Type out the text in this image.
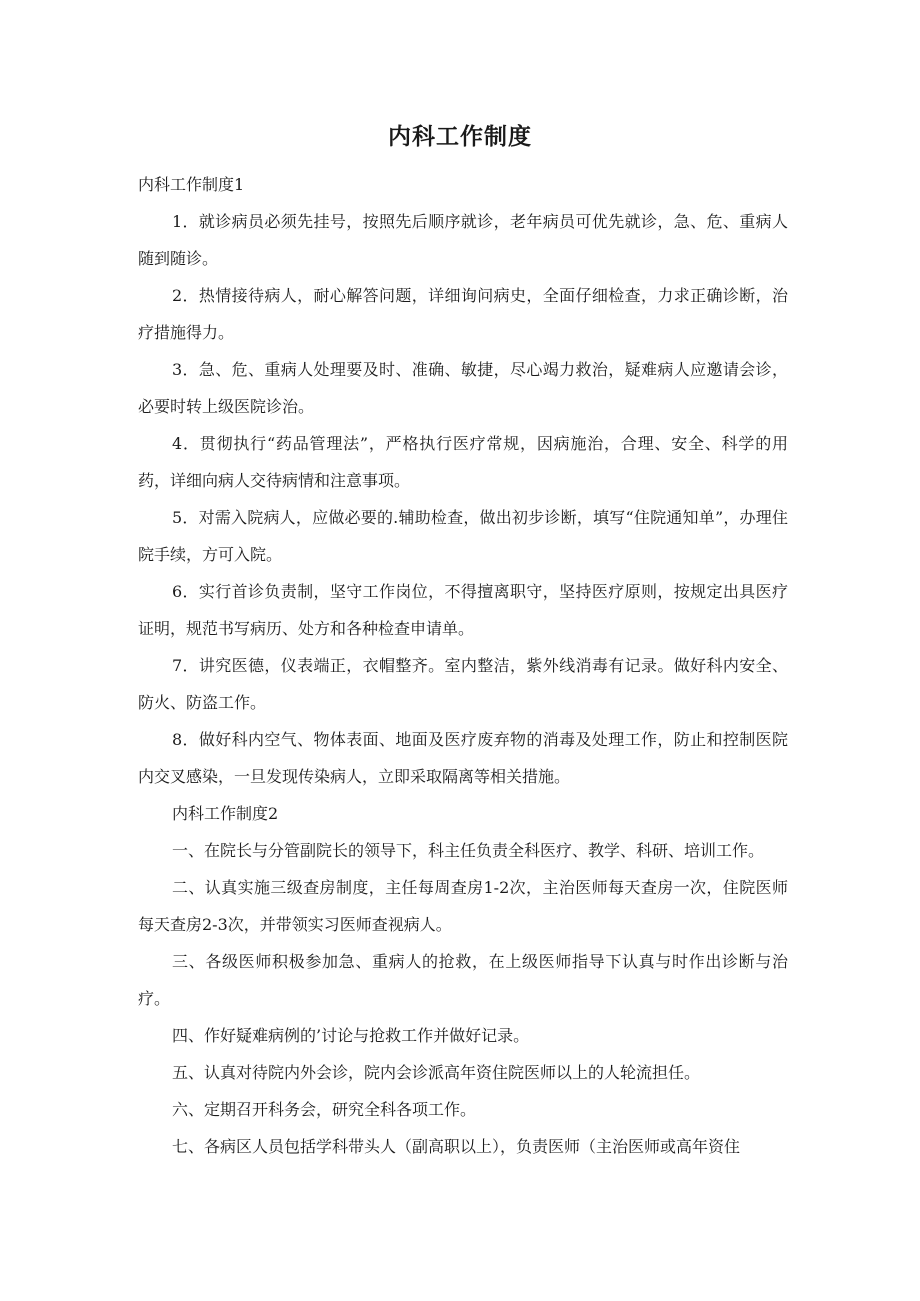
内科工作制度

内科工作制度1

1．就诊病员必须先挂号，按照先后顺序就诊，老年病员可优先就诊，急、危、重病人随到随诊。

2．热情接待病人，耐心解答问题，详细询问病史，全面仔细检查，力求正确诊断，治疗措施得力。

3．急、危、重病人处理要及时、准确、敏捷，尽心竭力救治，疑难病人应邀请会诊，必要时转上级医院诊治。

4．贯彻执行“药品管理法”，严格执行医疗常规，因病施治，合理、安全、科学的用药，详细向病人交待病情和注意事项。

5．对需入院病人，应做必要的.辅助检查，做出初步诊断，填写“住院通知单”，办理住院手续，方可入院。

6．实行首诊负责制，坚守工作岗位，不得擅离职守，坚持医疗原则，按规定出具医疗证明，规范书写病历、处方和各种检查申请单。

7．讲究医德，仪表端正，衣帽整齐。室内整洁，紫外线消毒有记录。做好科内安全、防火、防盗工作。

8．做好科内空气、物体表面、地面及医疗废弃物的消毒及处理工作，防止和控制医院内交叉感染，一旦发现传染病人，立即采取隔离等相关措施。

内科工作制度2

一、在院长与分管副院长的领导下，科主任负责全科医疗、教学、科研、培训工作。

二、认真实施三级查房制度，主任每周查房1-2次，主治医师每天查房一次，住院医师每天查房2-3次，并带领实习医师查视病人。

三、各级医师积极参加急、重病人的抢救，在上级医师指导下认真与时作出诊断与治疗。

四、作好疑难病例的’讨论与抢救工作并做好记录。

五、认真对待院内外会诊，院内会诊派高年资住院医师以上的人轮流担任。

六、定期召开科务会，研究全科各项工作。

七、各病区人员包括学科带头人（副高职以上），负责医师（主治医师或高年资住
